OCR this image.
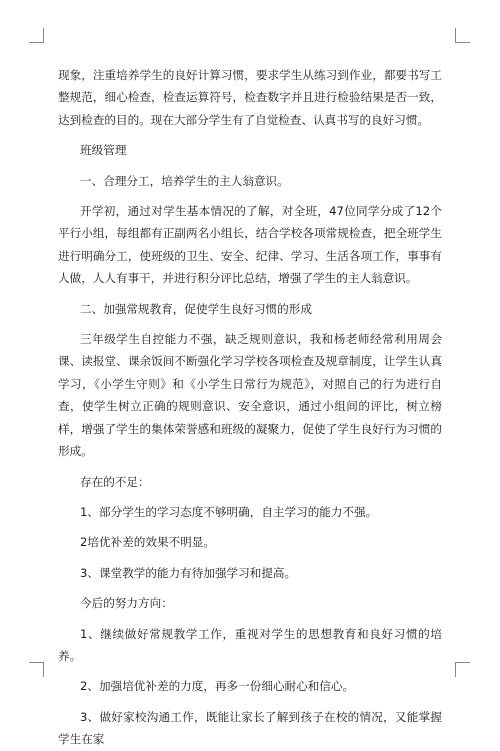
现象，注重培养学生的良好计算习惯，要求学生从练习到作业，都要书写工整规范，细心检查，检查运算符号，检查数字并且进行检验结果是否一致，达到检查的目的。现在大部分学生有了自觉检查、认真书写的良好习惯。

班级管理

一、合理分工，培养学生的主人翁意识。

开学初，通过对学生基本情况的了解，对全班，47位同学分成了12个平行小组，每组都有正副两名小组长，结合学校各项常规检查，把全班学生进行明确分工，使班级的卫生、安全、纪律、学习、生活各项工作，事事有人做，人人有事干，并进行积分评比总结，增强了学生的主人翁意识。

二、加强常规教育，促使学生良好习惯的形成

三年级学生自控能力不强，缺乏规则意识，我和杨老师经常利用周会课、读报堂、课余饭间不断强化学习学校各项检查及规章制度，让学生认真学习，《小学生守则》和《小学生日常行为规范》，对照自己的行为进行自查，使学生树立正确的规则意识、安全意识，通过小组间的评比，树立榜样，增强了学生的集体荣誉感和班级的凝聚力，促使了学生良好行为习惯的形成。

存在的不足：

1、部分学生的学习态度不够明确，自主学习的能力不强。

2培优补差的效果不明显。

3、课堂教学的能力有待加强学习和提高。

今后的努力方向：

1、继续做好常规教学工作，重视对学生的思想教育和良好习惯的培养。

2、加强培优补差的力度，再多一份细心耐心和信心。

3、做好家校沟通工作，既能让家长了解到孩子在校的情况，又能掌握学生在家
